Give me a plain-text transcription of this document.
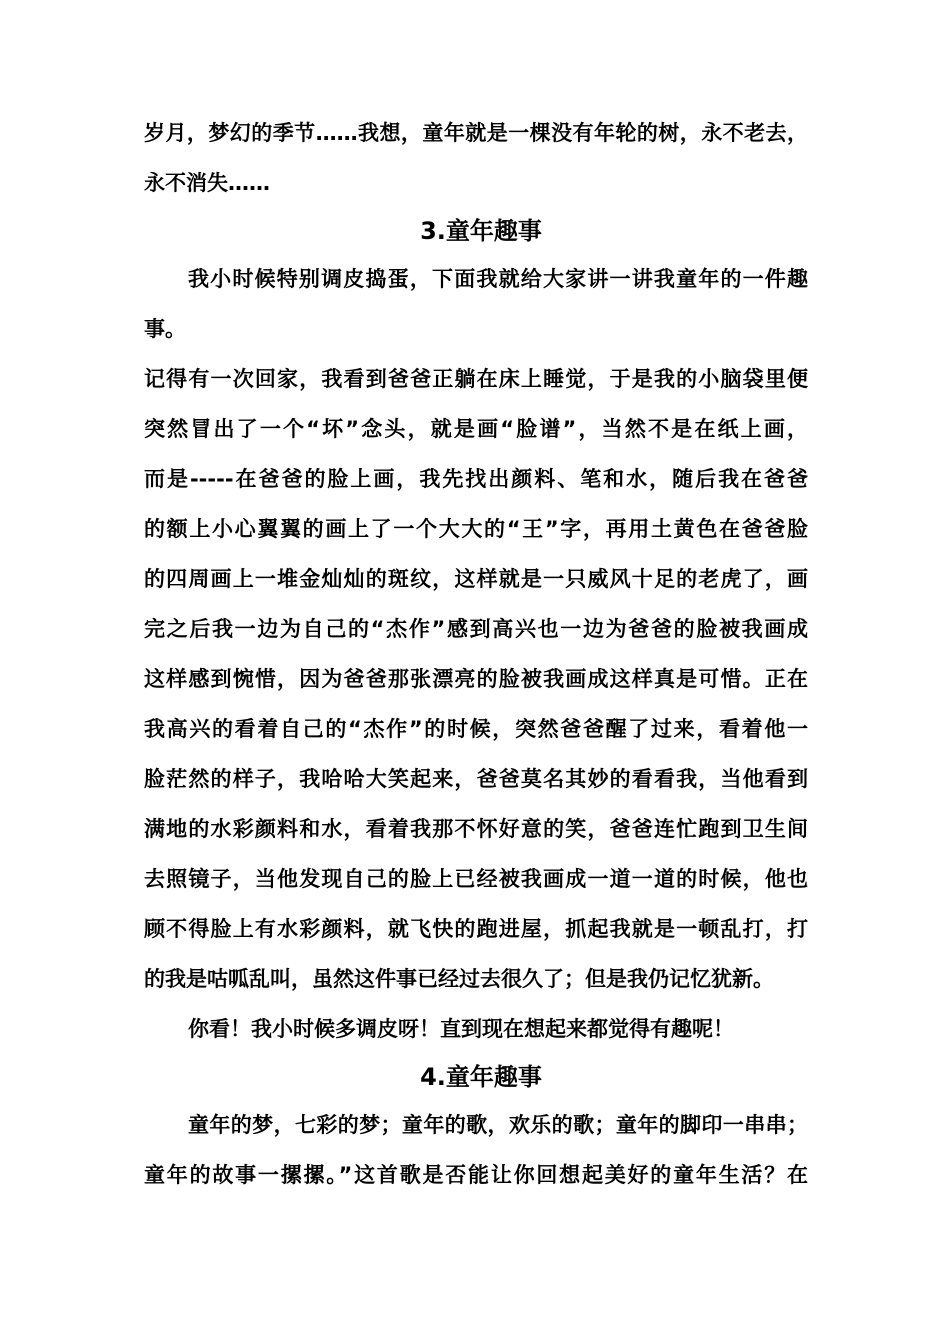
岁月，梦幻的季节……我想，童年就是一棵没有年轮的树，永不老去，
永不消失……
3.童年趣事
我小时候特别调皮捣蛋，下面我就给大家讲一讲我童年的一件趣
事。
记得有一次回家，我看到爸爸正躺在床上睡觉，于是我的小脑袋里便
突然冒出了一个“坏”念头，就是画“脸谱”，当然不是在纸上画，
而是-----在爸爸的脸上画，我先找出颜料、笔和水，随后我在爸爸
的额上小心翼翼的画上了一个大大的“王”字，再用土黄色在爸爸脸
的四周画上一堆金灿灿的斑纹，这样就是一只威风十足的老虎了，画
完之后我一边为自己的“杰作”感到高兴也一边为爸爸的脸被我画成
这样感到惋惜，因为爸爸那张漂亮的脸被我画成这样真是可惜。正在
我高兴的看着自己的“杰作”的时候，突然爸爸醒了过来，看着他一
脸茫然的样子，我哈哈大笑起来，爸爸莫名其妙的看看我，当他看到
满地的水彩颜料和水，看着我那不怀好意的笑，爸爸连忙跑到卫生间
去照镜子，当他发现自己的脸上已经被我画成一道一道的时候，他也
顾不得脸上有水彩颜料，就飞快的跑进屋，抓起我就是一顿乱打，打
的我是咕呱乱叫，虽然这件事已经过去很久了；但是我仍记忆犹新。
你看！我小时候多调皮呀！直到现在想起来都觉得有趣呢！
4.童年趣事
童年的梦，七彩的梦；童年的歌，欢乐的歌；童年的脚印一串串；
童年的故事一摞摞。”这首歌是否能让你回想起美好的童年生活？在
